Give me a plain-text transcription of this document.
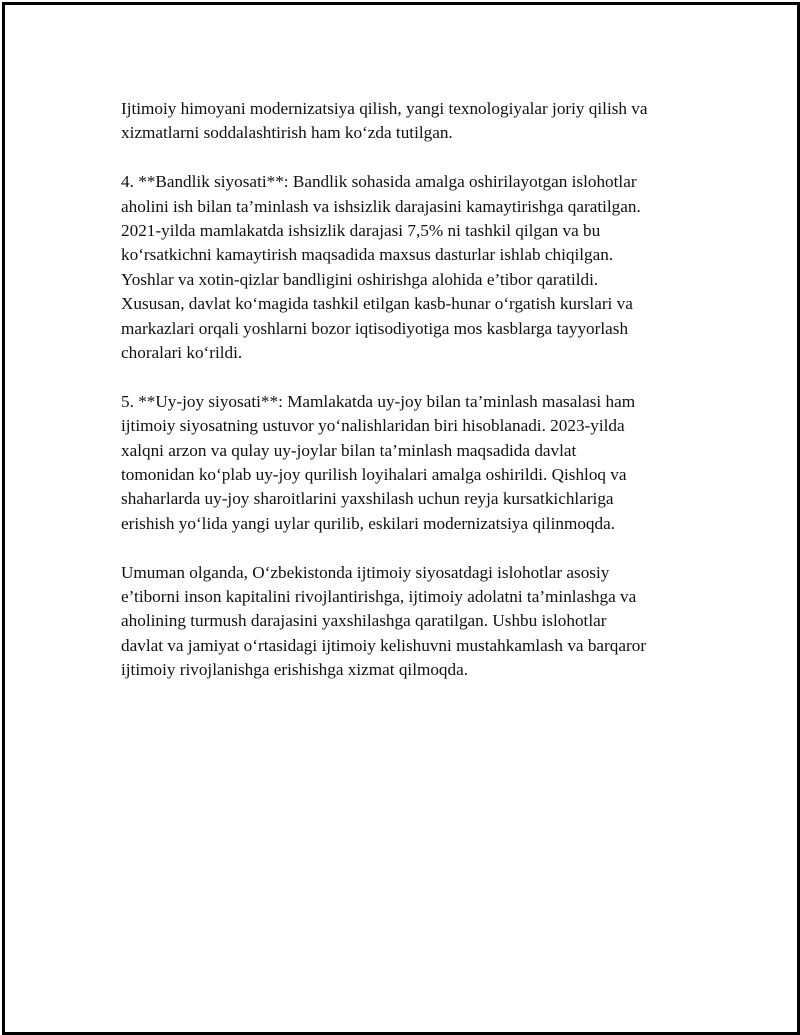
Ijtimoiy himoyani modernizatsiya qilish, yangi texnologiyalar joriy qilish va
xizmatlarni soddalashtirish ham ko‘zda tutilgan.

4. **Bandlik siyosati**: Bandlik sohasida amalga oshirilayotgan islohotlar
aholini ish bilan ta’minlash va ishsizlik darajasini kamaytirishga qaratilgan.
2021-yilda mamlakatda ishsizlik darajasi 7,5% ni tashkil qilgan va bu
ko‘rsatkichni kamaytirish maqsadida maxsus dasturlar ishlab chiqilgan.
Yoshlar va xotin-qizlar bandligini oshirishga alohida e’tibor qaratildi.
Xususan, davlat ko‘magida tashkil etilgan kasb-hunar o‘rgatish kurslari va
markazlari orqali yoshlarni bozor iqtisodiyotiga mos kasblarga tayyorlash
choralari ko‘rildi.

5. **Uy-joy siyosati**: Mamlakatda uy-joy bilan ta’minlash masalasi ham
ijtimoiy siyosatning ustuvor yo‘nalishlaridan biri hisoblanadi. 2023-yilda
xalqni arzon va qulay uy-joylar bilan ta’minlash maqsadida davlat
tomonidan ko‘plab uy-joy qurilish loyihalari amalga oshirildi. Qishloq va
shaharlarda uy-joy sharoitlarini yaxshilash uchun reyja kursatkichlariga
erishish yo‘lida yangi uylar qurilib, eskilari modernizatsiya qilinmoqda.

Umuman olganda, O‘zbekistonda ijtimoiy siyosatdagi islohotlar asosiy
e’tiborni inson kapitalini rivojlantirishga, ijtimoiy adolatni ta’minlashga va
aholining turmush darajasini yaxshilashga qaratilgan. Ushbu islohotlar
davlat va jamiyat o‘rtasidagi ijtimoiy kelishuvni mustahkamlash va barqaror
ijtimoiy rivojlanishga erishishga xizmat qilmoqda.
